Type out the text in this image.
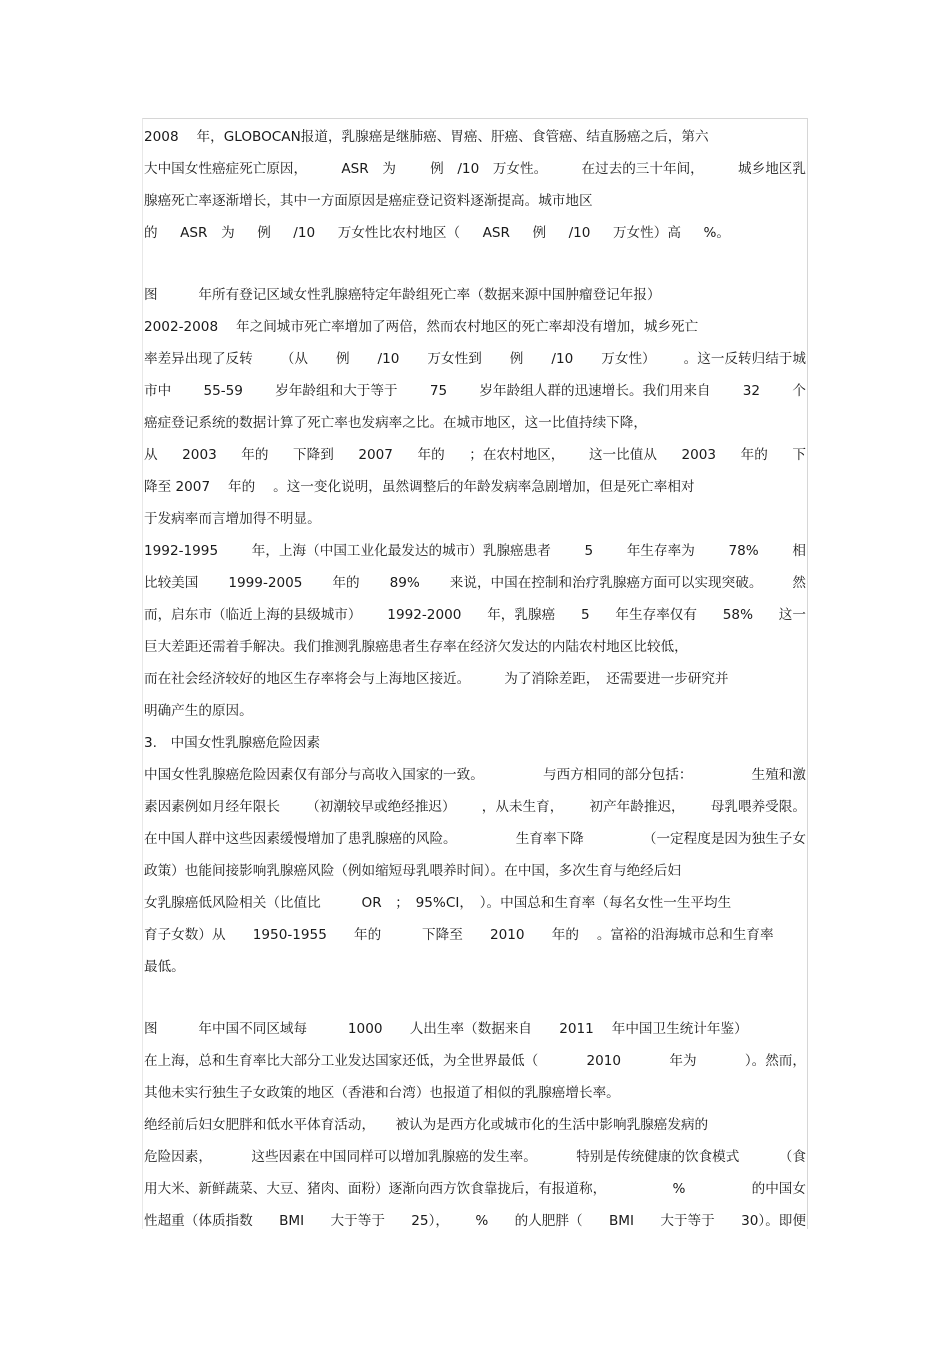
2008　 年，GLOBOCAN报道，乳腺癌是继肺癌、胃癌、肝癌、食管癌、结直肠癌之后，第六
大中国女性癌症死亡原因，	ASR　为	例　/10　万女性。	在过去的三十年间，	城乡地区乳
腺癌死亡率逐渐增长，其中一方面原因是癌症登记资料逐渐提高。城市地区
的 ASR　为 例 /10 万女性比农村地区（ ASR 例 /10 万女性）高 %。
图　　　年所有登记区域女性乳腺癌特定年龄组死亡率（数据来源中国肿瘤登记年报）
2002-2008　 年之间城市死亡率增加了两倍，然而农村地区的死亡率却没有增加，城乡死亡
率差异出现了反转 （从 例 /10 万女性到 例 /10 万女性） 。这一反转归结于城
市中 55-59 岁年龄组和大于等于 75 岁年龄组人群的迅速增长。我们用来自 32 个
癌症登记系统的数据计算了死亡率也发病率之比。在城市地区，这一比值持续下降，
从 2003 年的 下降到 2007 年的 ；在农村地区， 这一比值从 2003 年的 下
降至 2007　 年的　 。这一变化说明，虽然调整后的年龄发病率急剧增加，但是死亡率相对
于发病率而言增加得不明显。
1992-1995 年，上海（中国工业化最发达的城市）乳腺癌患者 5 年生存率为 78% 相
比较美国 1999-2005 年的 89% 来说，中国在控制和治疗乳腺癌方面可以实现突破。 然
而，启东市（临近上海的县级城市） 1992-2000 年，乳腺癌 5 年生存率仅有 58% 这一
巨大差距还需着手解决。我们推测乳腺癌患者生存率在经济欠发达的内陆农村地区比较低，
而在社会经济较好的地区生存率将会与上海地区接近。　　　为了消除差距，　还需要进一步研究并
明确产生的原因。
3.　中国女性乳腺癌危险因素
中国女性乳腺癌危险因素仅有部分与高收入国家的一致。	与西方相同的部分包括：	生殖和激
素因素例如月经年限长 （初潮较早或绝经推迟） ，从未生育， 初产年龄推迟， 母乳喂养受限。
在中国人群中这些因素缓慢增加了患乳腺癌的风险。	生育率下降	（一定程度是因为独生子女
政策）也能间接影响乳腺癌风险（例如缩短母乳喂养时间）。在中国，多次生育与绝经后妇
女乳腺癌低风险相关（比值比　　　OR　；　95%CI，　）。中国总和生育率（每名女性一生平均生
育子女数）从　　1950-1955　　年的　　　下降至　　2010　　年的　 。富裕的沿海城市总和生育率
最低。
图　　　年中国不同区域每　　　1000　　人出生率（数据来自　　2011　 年中国卫生统计年鉴）
在上海，总和生育率比大部分工业发达国家还低，为全世界最低（	2010	年为	）。然而，
其他未实行独生子女政策的地区（香港和台湾）也报道了相似的乳腺癌增长率。
绝经前后妇女肥胖和低水平体育活动，　　被认为是西方化或城市化的生活中影响乳腺癌发病的
危险因素，	这些因素在中国同样可以增加乳腺癌的发生率。	特别是传统健康的饮食模式	（食
用大米、新鲜蔬菜、大豆、猪肉、面粉）逐渐向西方饮食靠拢后，有报道称，	%	的中国女
性超重（体质指数 BMI 大于等于 25）， % 的人肥胖（ BMI 大于等于 30）。即便
